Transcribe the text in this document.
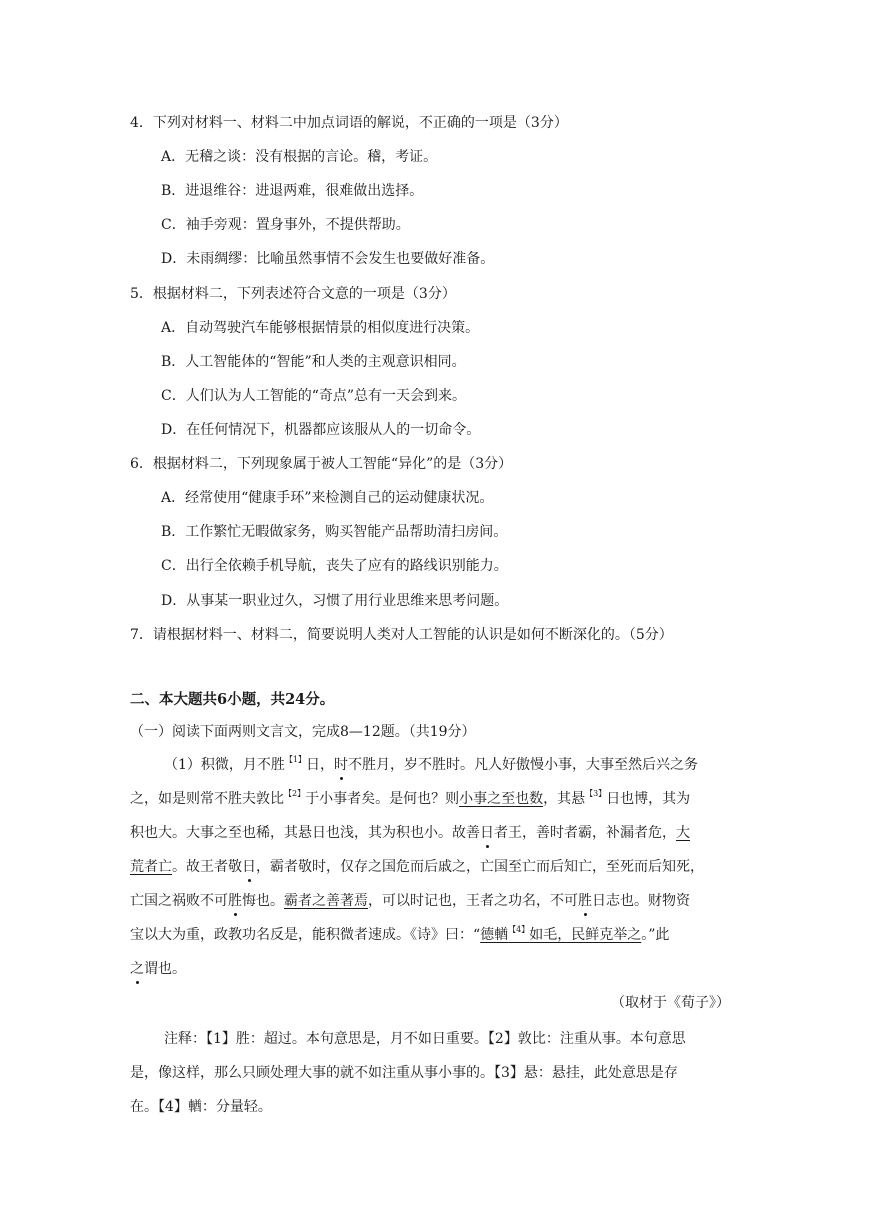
4．下列对材料一、材料二中加点词语的解说，不正确的一项是（3分）
A．无稽之谈：没有根据的言论。稽，考证。
B．进退维谷：进退两难，很难做出选择。
C．袖手旁观：置身事外，不提供帮助。
D．未雨绸缪：比喻虽然事情不会发生也要做好准备。
5．根据材料二，下列表述符合文意的一项是（3分）
A．自动驾驶汽车能够根据情景的相似度进行决策。
B．人工智能体的“智能”和人类的主观意识相同。
C．人们认为人工智能的“奇点”总有一天会到来。
D．在任何情况下，机器都应该服从人的一切命令。
6．根据材料二，下列现象属于被人工智能“异化”的是（3分）
A．经常使用“健康手环”来检测自己的运动健康状况。
B．工作繁忙无暇做家务，购买智能产品帮助清扫房间。
C．出行全依赖手机导航，丧失了应有的路线识别能力。
D．从事某一职业过久，习惯了用行业思维来思考问题。
7．请根据材料一、材料二，简要说明人类对人工智能的认识是如何不断深化的。（5分）
二、本大题共6小题，共24分。
（一）阅读下面两则文言文，完成8—12题。（共19分）
（1）积微，月不胜$^{【1】}$日，时不胜月，岁不胜时。凡人好傲慢小事，大事至然后兴之务
之，如是则常不胜夫敦比$^{【2】}$于小事者矣。是何也？则小事之至也数，其悬$^{【3】}$日也博，其为
积也大。大事之至也稀，其悬日也浅，其为积也小。故善日者王，善时者霸，补漏者危，大
荒者亡。故王者敬日，霸者敬时，仅存之国危而后戚之，亡国至亡而后知亡，至死而后知死，
亡国之祸败不可胜悔也。霸者之善著焉，可以时记也，王者之功名，不可胜日志也。财物资
宝以大为重，政教功名反是，能积微者速成。《诗》曰：“德輶$^{【4】}$如毛，民鲜克举之。”此
之谓也。
（取材于《荀子》）
注释：【1】胜：超过。本句意思是，月不如日重要。【2】敦比：注重从事。本句意思
是，像这样，那么只顾处理大事的就不如注重从事小事的。【3】悬：悬挂，此处意思是存
在。【4】輶：分量轻。
